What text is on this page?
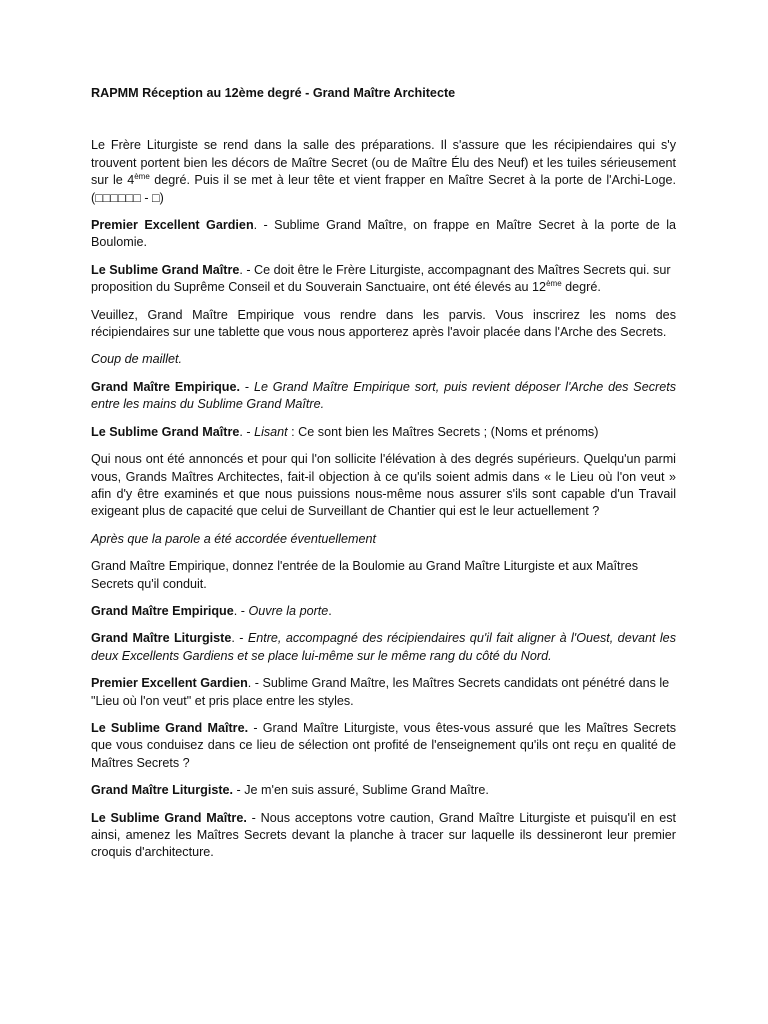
RAPMM Réception au 12ème degré - Grand Maître Architecte

Le Frère Liturgiste se rend dans la salle des préparations. Il s'assure que les récipiendaires qui s'y trouvent portent bien les décors de Maître Secret (ou de Maître Élu des Neuf) et les tuiles sérieusement sur le 4ème degré. Puis il se met à leur tête et vient frapper en Maître Secret à la porte de l'Archi-Loge. (□□□□□□ - □)

Premier Excellent Gardien. - Sublime Grand Maître, on frappe en Maître Secret à la porte de la Boulomie.

Le Sublime Grand Maître. - Ce doit être le Frère Liturgiste, accompagnant des Maîtres Secrets qui. sur proposition du Suprême Conseil et du Souverain Sanctuaire, ont été élevés au 12ème degré.

Veuillez, Grand Maître Empirique vous rendre dans les parvis. Vous inscrirez les noms des récipiendaires sur une tablette que vous nous apporterez après l'avoir placée dans l'Arche des Secrets.

Coup de maillet.

Grand Maître Empirique. - Le Grand Maître Empirique sort, puis revient déposer l'Arche des Secrets entre les mains du Sublime Grand Maître.

Le Sublime Grand Maître. - Lisant : Ce sont bien les Maîtres Secrets ; (Noms et prénoms)

Qui nous ont été annoncés et pour qui l'on sollicite l'élévation à des degrés supérieurs. Quelqu'un parmi vous, Grands Maîtres Architectes, fait-il objection à ce qu'ils soient admis dans « le Lieu où l'on veut » afin d'y être examinés et que nous puissions nous-même nous assurer s'ils sont capable d'un Travail exigeant plus de capacité que celui de Surveillant de Chantier qui est le leur actuellement ?

Après que la parole a été accordée éventuellement

Grand Maître Empirique, donnez l'entrée de la Boulomie au Grand Maître Liturgiste et aux Maîtres Secrets qu'il conduit.

Grand Maître Empirique. - Ouvre la porte.

Grand Maître Liturgiste. - Entre, accompagné des récipiendaires qu'il fait aligner à l'Ouest, devant les deux Excellents Gardiens et se place lui-même sur le même rang du côté du Nord.

Premier Excellent Gardien. - Sublime Grand Maître, les Maîtres Secrets candidats ont pénétré dans le "Lieu où l'on veut" et pris place entre les styles.

Le Sublime Grand Maître. - Grand Maître Liturgiste, vous êtes-vous assuré que les Maîtres Secrets que vous conduisez dans ce lieu de sélection ont profité de l'enseignement qu'ils ont reçu en qualité de Maîtres Secrets ?

Grand Maître Liturgiste. - Je m'en suis assuré, Sublime Grand Maître.

Le Sublime Grand Maître. - Nous acceptons votre caution, Grand Maître Liturgiste et puisqu'il en est ainsi, amenez les Maîtres Secrets devant la planche à tracer sur laquelle ils dessineront leur premier croquis d'architecture.
